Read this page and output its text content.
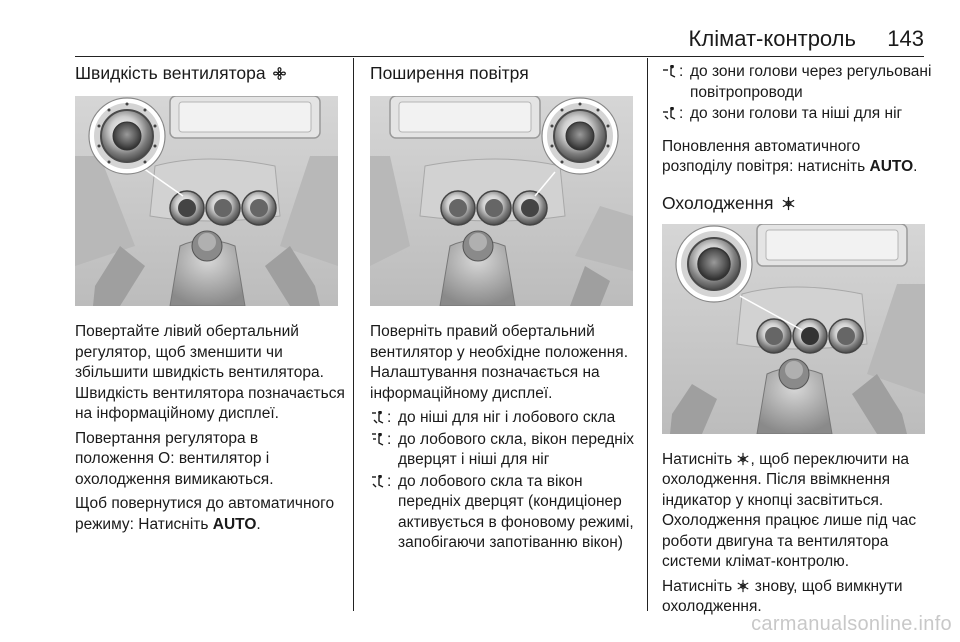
Клімат-контроль 143
Швидкість вентилятора

Повертайте лівий обертальний регулятор, щоб зменшити чи збільшити швидкість вентилятора. Швидкість вентилятора позначається на інформаційному дисплеї.

Повертання регулятора в
положення O: вентилятор і охолодження вимикаються.

Щоб повернутися до автоматичного режиму: Натисніть AUTO.

Поширення повітря

Поверніть правий обертальний вентилятор у необхідне положення. Налаштування позначається на інформаційному дисплеї.

: до ніші для ніг і лобового скла
: до лобового скла, вікон передніх дверцят і ніші для ніг
: до лобового скла та вікон передніх дверцят (кондиціонер активується в фоновому режимі, запобігаючи запотіванню вікон)
: до зони голови через регульовані повітропроводи
: до зони голови та ніші для ніг

Поновлення автоматичного розподілу повітря: натисніть AUTO.

Охолодження

Натисніть , щоб переключити на охолодження. Після ввімкнення індикатор у кнопці засвітиться. Охолодження працює лише під час роботи двигуна та вентилятора системи клімат-контролю.

Натисніть  знову, щоб вимкнути охолодження.

carmanualsonline.info
